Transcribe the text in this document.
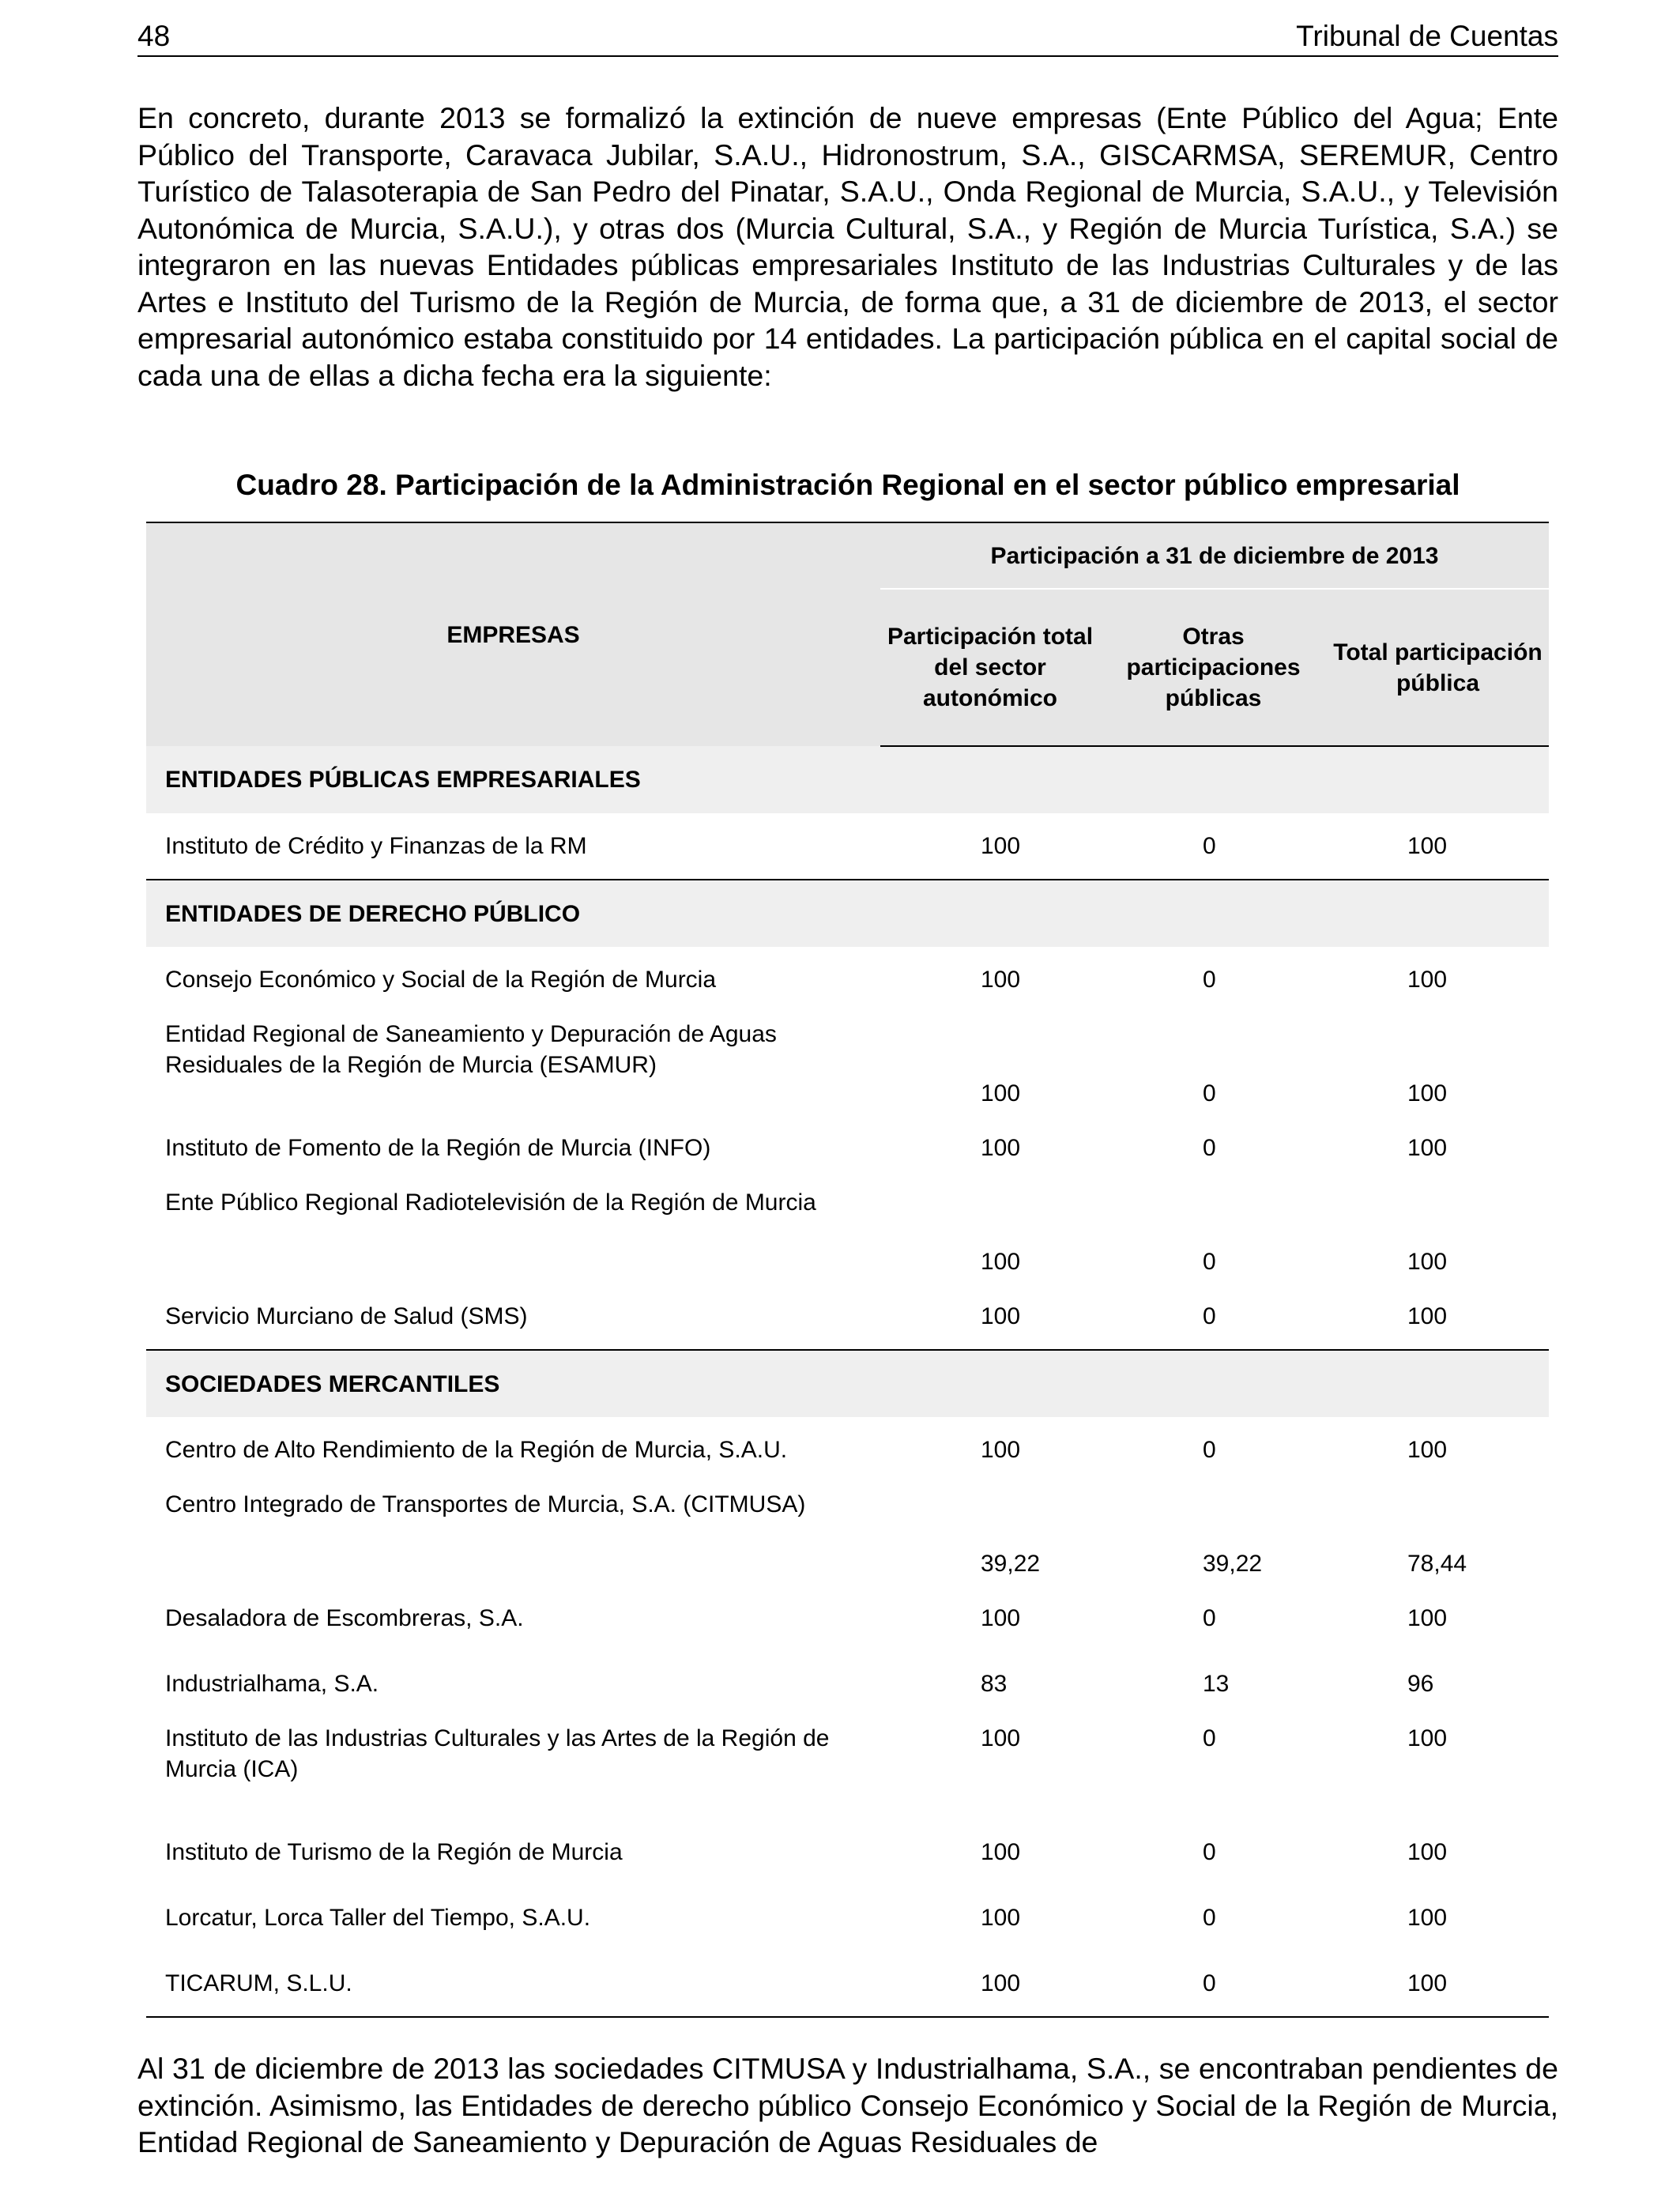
48	Tribunal de Cuentas

En concreto, durante 2013 se formalizó la extinción de nueve empresas (Ente Público del Agua; Ente Público del Transporte, Caravaca Jubilar, S.A.U., Hidronostrum, S.A., GISCARMSA, SEREMUR, Centro Turístico de Talasoterapia de San Pedro del Pinatar, S.A.U., Onda Regional de Murcia, S.A.U., y Televisión Autonómica de Murcia, S.A.U.), y otras dos (Murcia Cultural, S.A., y Región de Murcia Turística, S.A.) se integraron en las nuevas Entidades públicas empresariales Instituto de las Industrias Culturales y de las Artes e Instituto del Turismo de la Región de Murcia, de forma que, a 31 de diciembre de 2013, el sector empresarial autonómico estaba constituido por 14 entidades. La participación pública en el capital social de cada una de ellas a dicha fecha era la siguiente:

Cuadro 28. Participación de la Administración Regional en el sector público empresarial
EMPRESAS	Participación a 31 de diciembre de 2013		
	Participación total del sector autonómico	Otras participaciones públicas	Total participación pública
ENTIDADES PÚBLICAS EMPRESARIALES			
Instituto de Crédito y Finanzas de la RM	100	0	100
ENTIDADES DE DERECHO PÚBLICO			
Consejo Económico y Social de la Región de Murcia	100	0	100
Entidad Regional de Saneamiento y Depuración de Aguas Residuales de la Región de Murcia (ESAMUR)	100	0	100
Instituto de Fomento de la Región de Murcia (INFO)	100	0	100
Ente Público Regional Radiotelevisión de la Región de Murcia	100	0	100
Servicio Murciano de Salud (SMS)	100	0	100
SOCIEDADES MERCANTILES			
Centro de Alto Rendimiento de la Región de Murcia, S.A.U.	100	0	100
Centro Integrado de Transportes de Murcia, S.A. (CITMUSA)	39,22	39,22	78,44
Desaladora de Escombreras, S.A.	100	0	100
Industrialhama, S.A.	83	13	96
Instituto de las Industrias Culturales y las Artes de la Región de Murcia (ICA)	100	0	100
Instituto de Turismo de la Región de Murcia	100	0	100
Lorcatur, Lorca Taller del Tiempo, S.A.U.	100	0	100
TICARUM, S.L.U.	100	0	100

Al 31 de diciembre de 2013 las sociedades CITMUSA y Industrialhama, S.A., se encontraban pendientes de extinción. Asimismo, las Entidades de derecho público Consejo Económico y Social de la Región de Murcia, Entidad Regional de Saneamiento y Depuración de Aguas Residuales de
